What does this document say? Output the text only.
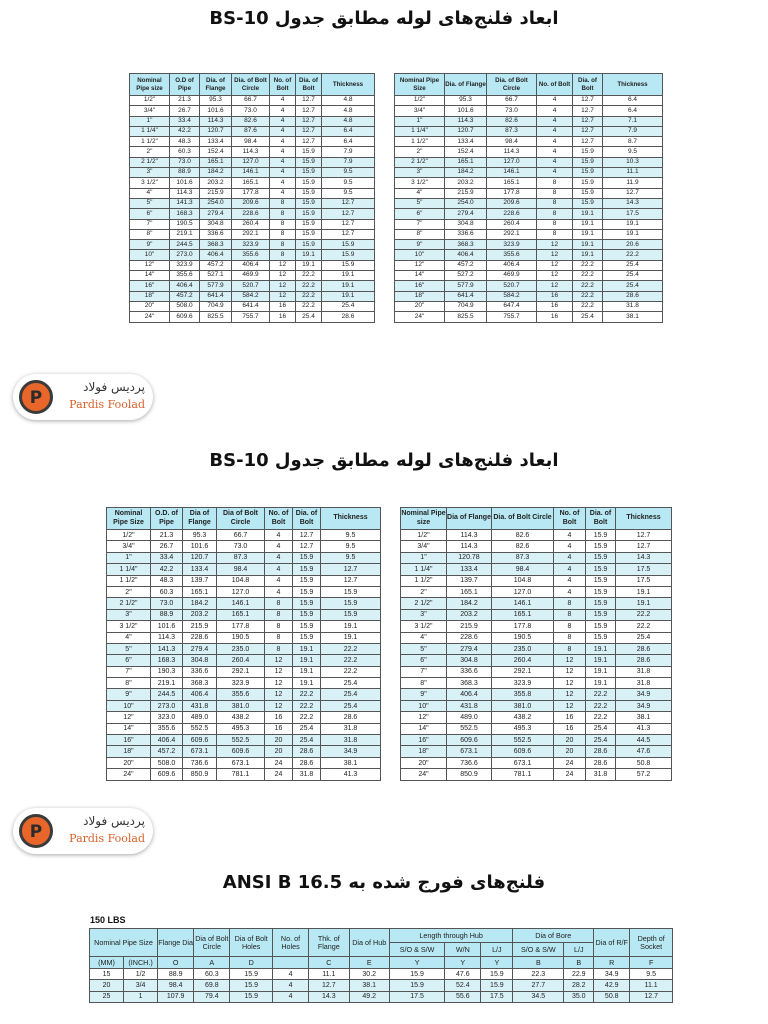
ابعاد فلنج‌های لوله مطابق جدول BS-10
Nominal Pipe size	O.D of Pipe	Dia. of Flange	Dia. of Bolt Circle	No. of Bolt	Dia. of Bolt	Thickness
1/2"	21.3	95.3	66.7	4	12.7	4.8
3/4"	26.7	101.6	73.0	4	12.7	4.8
1"	33.4	114.3	82.6	4	12.7	4.8
1 1/4"	42.2	120.7	87.6	4	12.7	6.4
1 1/2"	48.3	133.4	98.4	4	12.7	6.4
2"	60.3	152.4	114.3	4	15.9	7.9
2 1/2"	73.0	165.1	127.0	4	15.9	7.9
3"	88.9	184.2	146.1	4	15.9	9.5
3 1/2"	101.6	203.2	165.1	4	15.9	9.5
4"	114.3	215.9	177.8	4	15.9	9.5
5"	141.3	254.0	209.6	8	15.9	12.7
6"	168.3	279.4	228.6	8	15.9	12.7
7"	190.5	304.8	260.4	8	15.9	12.7
8"	219.1	336.6	292.1	8	15.9	12.7
9"	244.5	368.3	323.9	8	15.9	15.9
10"	273.0	406.4	355.6	8	19.1	15.9
12"	323.9	457.2	406.4	12	19.1	15.9
14"	355.6	527.1	469.9	12	22.2	19.1
16"	406.4	577.9	520.7	12	22.2	19.1
18"	457.2	641.4	584.2	12	22.2	19.1
20"	508.0	704.9	641.4	16	22.2	25.4
24"	609.6	825.5	755.7	16	25.4	28.6
Nominal Pipe Size	Dia. of Flange	Dia. of Bolt Circle	No. of Bolt	Dia. of Bolt	Thickness
1/2"	95.3	66.7	4	12.7	6.4
3/4"	101.6	73.0	4	12.7	6.4
1"	114.3	82.6	4	12.7	7.1
1 1/4"	120.7	87.3	4	12.7	7.9
1 1/2"	133.4	98.4	4	12.7	8.7
2"	152.4	114.3	4	15.9	9.5
2 1/2"	165.1	127.0	4	15.9	10.3
3"	184.2	146.1	4	15.9	11.1
3 1/2"	203.2	165.1	8	15.9	11.9
4"	215.9	177.8	8	15.9	12.7
5"	254.0	209.6	8	15.9	14.3
6"	279.4	228.6	8	19.1	17.5
7"	304.8	260.4	8	19.1	19.1
8"	336.6	292.1	8	19.1	19.1
9"	368.3	323.9	12	19.1	20.6
10"	406.4	355.6	12	19.1	22.2
12"	457.2	406.4	12	22.2	25.4
14"	527.2	469.9	12	22.2	25.4
16"	577.9	520.7	12	22.2	25.4
18"	641.4	584.2	16	22.2	28.6
20"	704.9	647.4	16	22.2	31.8
24"	825.5	755.7	16	25.4	38.1
P
پردیس فولاد
Pardis Foolad
ابعاد فلنج‌های لوله مطابق جدول BS-10
Nominal Pipe Size	O.D. of Pipe	Dia of Flange	Dia of Bolt Circle	No. of Bolt	Dia. of Bolt	Thickness
1/2"	21.3	95.3	66.7	4	12.7	9.5
3/4"	26.7	101.6	73.0	4	12.7	9.5
1"	33.4	120.7	87.3	4	15.9	9.5
1 1/4"	42.2	133.4	98.4	4	15.9	12.7
1 1/2"	48.3	139.7	104.8	4	15.9	12.7
2"	60.3	165.1	127.0	4	15.9	15.9
2 1/2"	73.0	184.2	146.1	8	15.9	15.9
3"	88.9	203.2	165.1	8	15.9	15.9
3 1/2"	101.6	215.9	177.8	8	15.9	19.1
4"	114.3	228.6	190.5	8	15.9	19.1
5"	141.3	279.4	235.0	8	19.1	22.2
6"	168.3	304.8	260.4	12	19.1	22.2
7"	190.3	336.6	292.1	12	19.1	22.2
8"	219.1	368.3	323.9	12	19.1	25.4
9"	244.5	406.4	355.6	12	22.2	25.4
10"	273.0	431.8	381.0	12	22.2	25.4
12"	323.0	489.0	438.2	16	22.2	28.6
14"	355.6	552.5	495.3	16	25.4	31.8
16"	406.4	609.6	552.5	20	25.4	31.8
18"	457.2	673.1	609.6	20	28.6	34.9
20"	508.0	736.6	673.1	24	28.6	38.1
24"	609.6	850.9	781.1	24	31.8	41.3
Nominal Pipe size	Dia of Flange	Dia. of Bolt Circle	No. of Bolt	Dia. of Bolt	Thickness
1/2"	114.3	82.6	4	15.9	12.7
3/4"	114.3	82.6	4	15.9	12.7
1"	120.78	87.3	4	15.9	14.3
1 1/4"	133.4	98.4	4	15.9	17.5
1 1/2"	139.7	104.8	4	15.9	17.5
2"	165.1	127.0	4	15.9	19.1
2 1/2"	184.2	146.1	8	15.9	19.1
3"	203.2	165.1	8	15.9	22.2
3 1/2"	215.9	177.8	8	15.9	22.2
4"	228.6	190.5	8	15.9	25.4
5"	279.4	235.0	8	19.1	28.6
6"	304.8	260.4	12	19.1	28.6
7"	336.6	292.1	12	19.1	31.8
8"	368.3	323.9	12	19.1	31.8
9"	406.4	355.8	12	22.2	34.9
10"	431.8	381.0	12	22.2	34.9
12"	489.0	438.2	16	22.2	38.1
14"	552.5	495.3	16	25.4	41.3
16"	609.6	552.5	20	25.4	44.5
18"	673.1	609.6	20	28.6	47.6
20"	736.6	673.1	24	28.6	50.8
24"	850.9	781.1	24	31.8	57.2
P
پردیس فولاد
Pardis Foolad
فلنج‌های فورج شده به ANSI B 16.5
150 LBS
Nominal Pipe Size		Flange Dia	Dia of Bolt Circle	Dia of Bolt Holes	No. of Holes	Thk. of Flange	Dia of Hub	Length through Hub			Dia of Bore		Dia of R/F	Depth of Socket
								S/O & S/W	W/N	L/J	S/O & S/W	L/J		
(MM)	(INCH.)	O	A	D		C	E	Y	Y	Y	B	B	R	F
15	1/2	88.9	60.3	15.9	4	11.1	30.2	15.9	47.6	15.9	22.3	22.9	34.9	9.5
20	3/4	98.4	69.8	15.9	4	12.7	38.1	15.9	52.4	15.9	27.7	28.2	42.9	11.1
25	1	107.9	79.4	15.9	4	14.3	49.2	17.5	55.6	17.5	34.5	35.0	50.8	12.7
